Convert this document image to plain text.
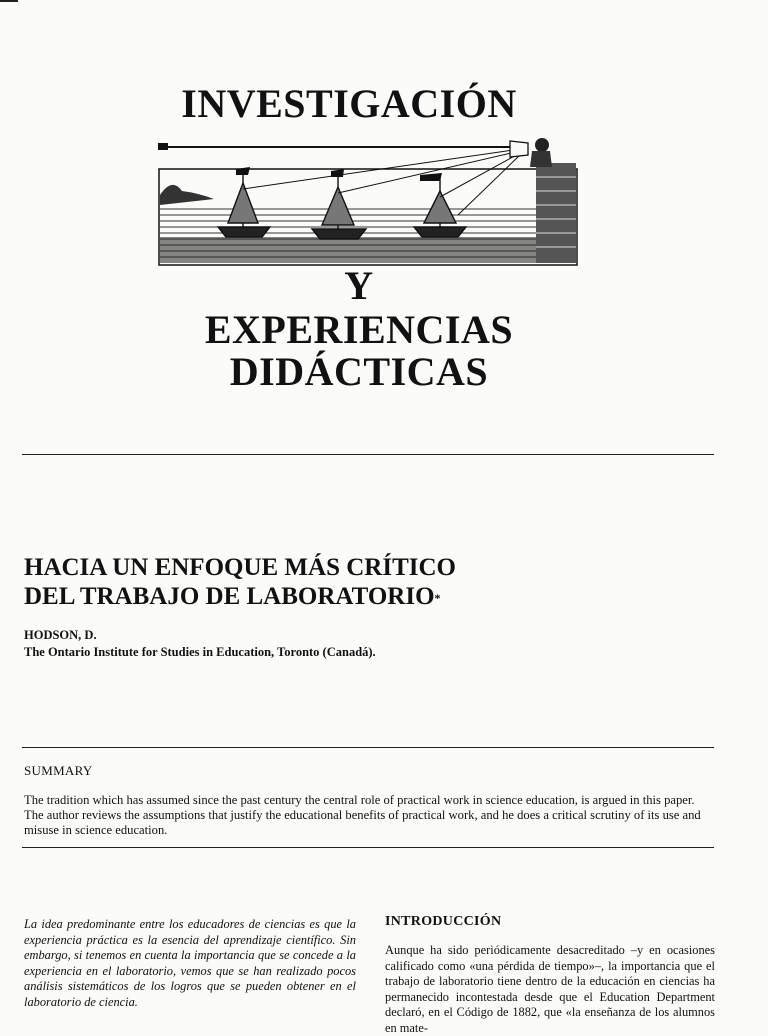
INVESTIGACIÓN
Y
EXPERIENCIAS
DIDÁCTICAS
HACIA UN ENFOQUE MÁS CRÍTICO
DEL TRABAJO DE LABORATORIO*
HODSON, D.
The Ontario Institute for Studies in Education, Toronto (Canadá).
SUMMARY

The tradition which has assumed since the past century the central role of practical work in science education, is argued in this paper. The author reviews the assumptions that justify the educational benefits of practical work, and he does a critical scrutiny of its use and misuse in science education.

La idea predominante entre los educadores de ciencias es que la experiencia práctica es la esencia del aprendizaje científico. Sin embargo, si tenemos en cuenta la importancia que se concede a la experiencia en el laboratorio, vemos que se han realizado pocos análisis sistemáticos de los logros que se pueden obtener en el laboratorio de ciencia.

INTRODUCCIÓN

Aunque ha sido periódicamente desacreditado –y en ocasiones calificado como «una pérdida de tiempo»–, la importancia que el trabajo de laboratorio tiene dentro de la educación en ciencias ha permanecido incontestada desde que el Education Department declaró, en el Código de 1882, que «la enseñanza de los alumnos en mate-
